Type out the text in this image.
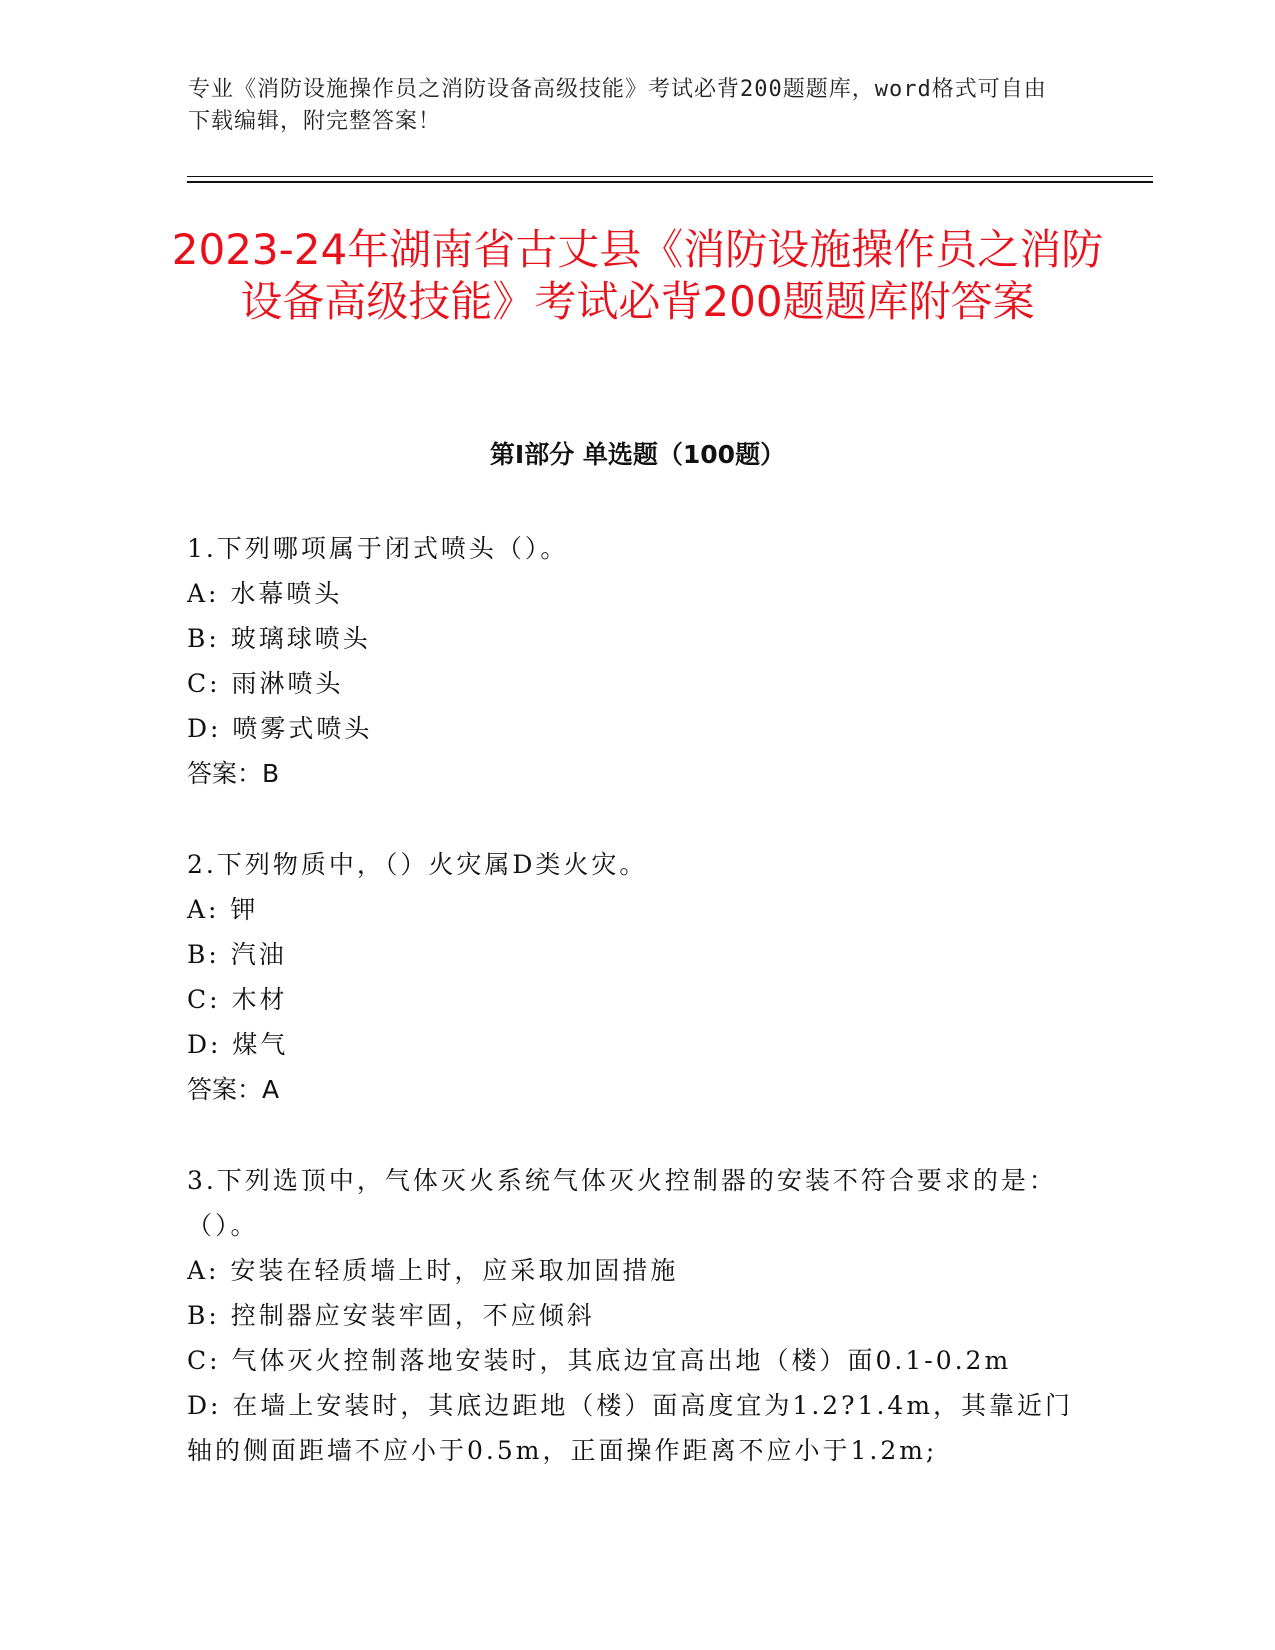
专业《消防设施操作员之消防设备高级技能》考试必背200题题库，word格式可自由下载编辑，附完整答案！
2023-24年湖南省古丈县《消防设施操作员之消防设备高级技能》考试必背200题题库附答案
第Ⅰ部分 单选题（100题）
1.下列哪项属于闭式喷头（）。
A: 水幕喷头
B: 玻璃球喷头
C: 雨淋喷头
D: 喷雾式喷头
答案：B
2.下列物质中，（）火灾属D类火灾。
A: 钾
B: 汽油
C: 木材
D: 煤气
答案：A
3.下列选顶中，气体灭火系统气体灭火控制器的安装不符合要求的是：（）。
A: 安装在轻质墙上时，应采取加固措施
B: 控制器应安装牢固，不应倾斜
C: 气体灭火控制落地安装时，其底边宜高出地（楼）面0.1-0.2m
D: 在墙上安装时，其底边距地（楼）面高度宜为1.2?1.4m，其靠近门轴的侧面距墙不应小于0.5m，正面操作距离不应小于1.2m;
